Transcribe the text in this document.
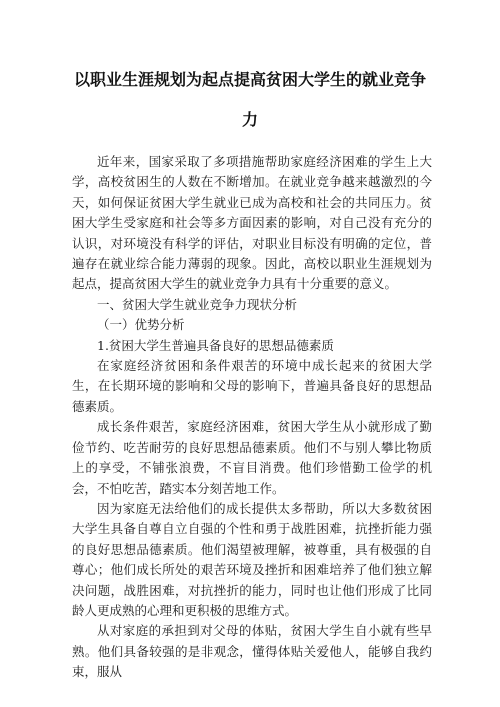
以职业生涯规划为起点提高贫困大学生的就业竞争
力

近年来，国家采取了多项措施帮助家庭经济困难的学生上大学，高校贫困生的人数在不断增加。在就业竞争越来越激烈的今天，如何保证贫困大学生就业已成为高校和社会的共同压力。贫困大学生受家庭和社会等多方面因素的影响，对自己没有充分的认识，对环境没有科学的评估，对职业目标没有明确的定位，普遍存在就业综合能力薄弱的现象。因此，高校以职业生涯规划为起点，提高贫困大学生的就业竞争力具有十分重要的意义。

一、贫困大学生就业竞争力现状分析

（一）优势分析

1.贫困大学生普遍具备良好的思想品德素质

在家庭经济贫困和条件艰苦的环境中成长起来的贫困大学生，在长期环境的影响和父母的影响下，普遍具备良好的思想品德素质。

成长条件艰苦，家庭经济困难，贫困大学生从小就形成了勤俭节约、吃苦耐劳的良好思想品德素质。他们不与别人攀比物质上的享受，不铺张浪费，不盲目消费。他们珍惜勤工俭学的机会，不怕吃苦，踏实本分刻苦地工作。

因为家庭无法给他们的成长提供太多帮助，所以大多数贫困大学生具备自尊自立自强的个性和勇于战胜困难，抗挫折能力强的良好思想品德素质。他们渴望被理解，被尊重，具有极强的自尊心；他们成长所处的艰苦环境及挫折和困难培养了他们独立解决问题，战胜困难，对抗挫折的能力，同时也让他们形成了比同龄人更成熟的心理和更积极的思维方式。

从对家庭的承担到对父母的体贴，贫困大学生自小就有些早熟。他们具备较强的是非观念，懂得体贴关爱他人，能够自我约束，服从
